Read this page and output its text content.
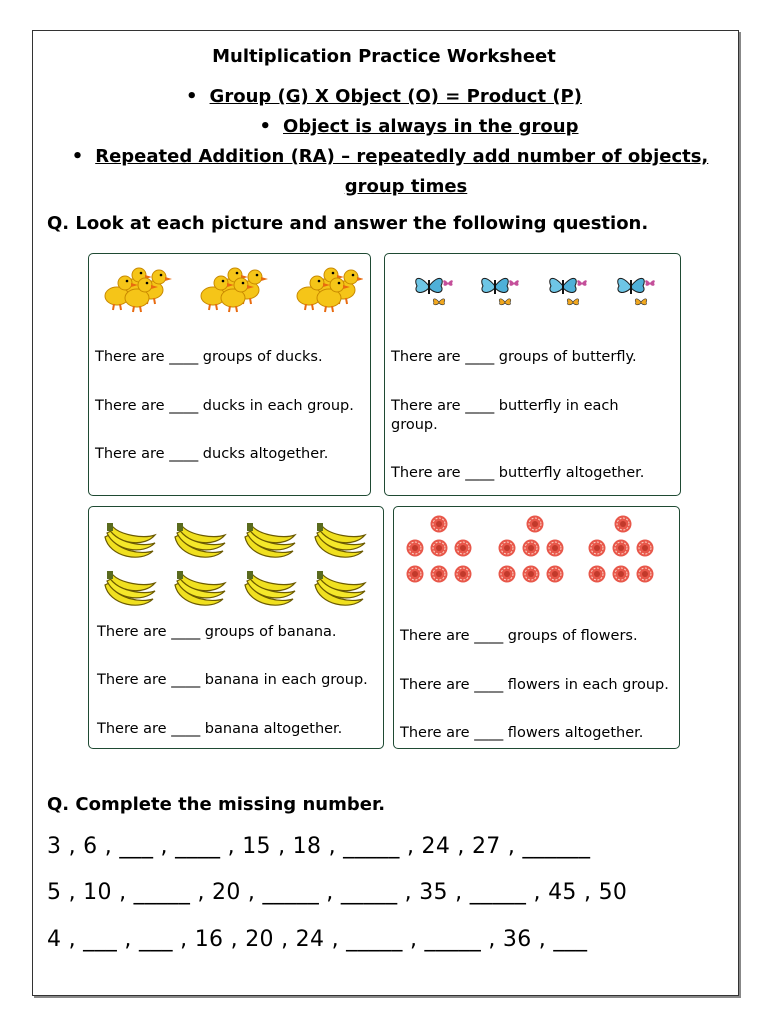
Multiplication Practice Worksheet
• Group (G) X Object (O) = Product (P)
• Object is always in the group
• Repeated Addition (RA) – repeatedly add number of objects,
group times
Q. Look at each picture and answer the following question.
There are ____ groups of ducks.
There are ____ ducks in each group.
There are ____ ducks altogether.
There are ____ groups of butterfly.
There are ____ butterfly in each
group.
There are ____ butterfly altogether.
There are ____ groups of banana.
There are ____ banana in each group.
There are ____ banana altogether.
There are ____ groups of flowers.
There are ____ flowers in each group.
There are ____ flowers altogether.
Q. Complete the missing number.
3 , 6 , ___ , ____ , 15 , 18 , _____ , 24 , 27 , ______
5 , 10 , _____ , 20 , _____ , _____ , 35 , _____ , 45 , 50
4 , ___ , ___ , 16 , 20 , 24 , _____ , _____ , 36 , ___
